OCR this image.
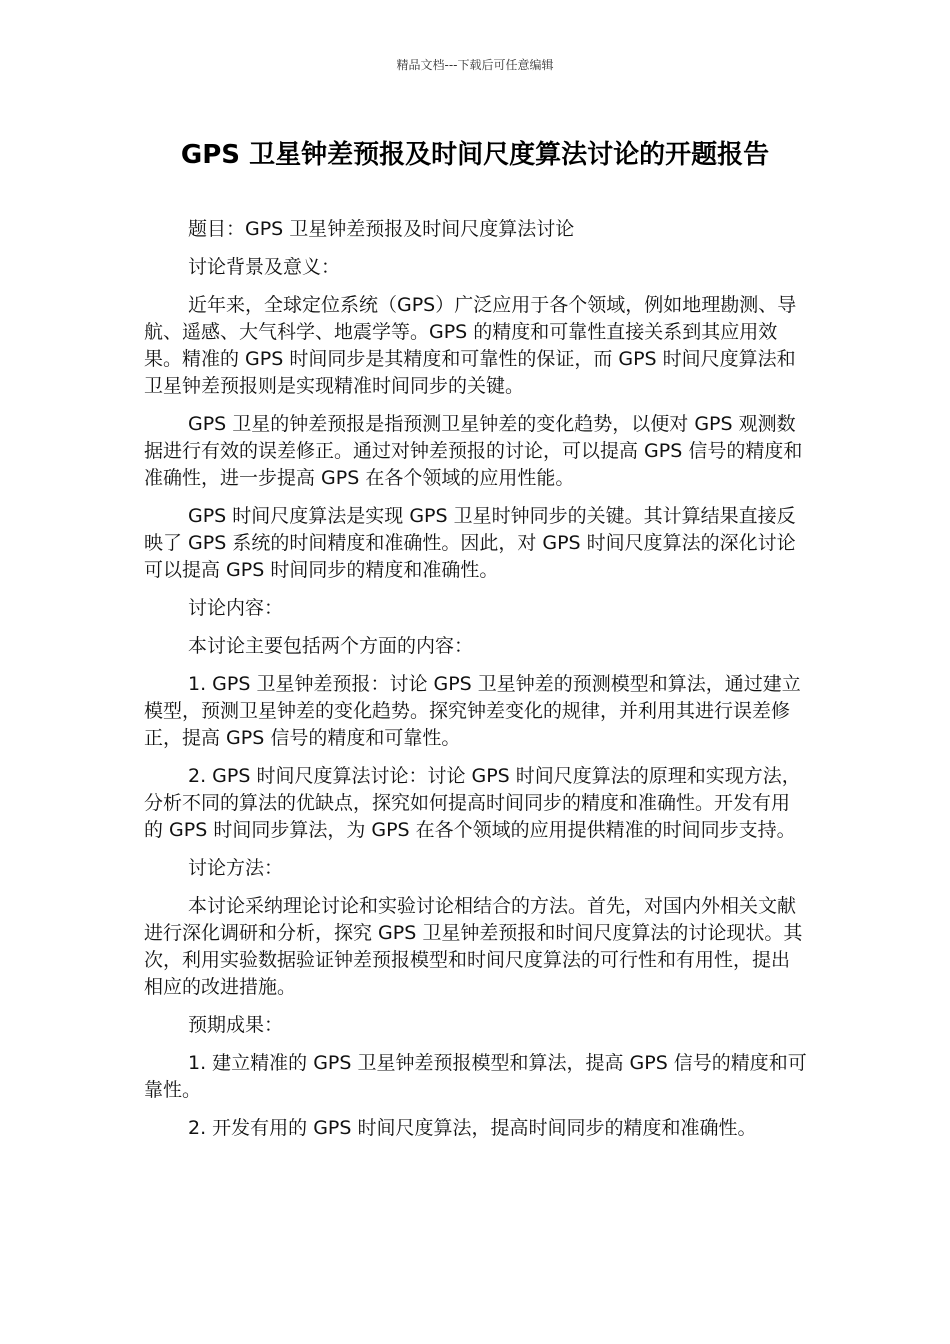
精品文档---下载后可任意编辑
GPS 卫星钟差预报及时间尺度算法讨论的开题报告

题目：GPS 卫星钟差预报及时间尺度算法讨论

讨论背景及意义：

近年来，全球定位系统（GPS）广泛应用于各个领域，例如地理勘测、导航、遥感、大气科学、地震学等。GPS 的精度和可靠性直接关系到其应用效果。精准的 GPS 时间同步是其精度和可靠性的保证，而 GPS 时间尺度算法和卫星钟差预报则是实现精准时间同步的关键。

GPS 卫星的钟差预报是指预测卫星钟差的变化趋势，以便对 GPS 观测数据进行有效的误差修正。通过对钟差预报的讨论，可以提高 GPS 信号的精度和准确性，进一步提高 GPS 在各个领域的应用性能。

GPS 时间尺度算法是实现 GPS 卫星时钟同步的关键。其计算结果直接反映了 GPS 系统的时间精度和准确性。因此，对 GPS 时间尺度算法的深化讨论可以提高 GPS 时间同步的精度和准确性。

讨论内容：

本讨论主要包括两个方面的内容：

1. GPS 卫星钟差预报：讨论 GPS 卫星钟差的预测模型和算法，通过建立模型，预测卫星钟差的变化趋势。探究钟差变化的规律，并利用其进行误差修正，提高 GPS 信号的精度和可靠性。

2. GPS 时间尺度算法讨论：讨论 GPS 时间尺度算法的原理和实现方法，分析不同的算法的优缺点，探究如何提高时间同步的精度和准确性。开发有用的 GPS 时间同步算法，为 GPS 在各个领域的应用提供精准的时间同步支持。

讨论方法：

本讨论采纳理论讨论和实验讨论相结合的方法。首先，对国内外相关文献进行深化调研和分析，探究 GPS 卫星钟差预报和时间尺度算法的讨论现状。其次，利用实验数据验证钟差预报模型和时间尺度算法的可行性和有用性，提出相应的改进措施。

预期成果：

1. 建立精准的 GPS 卫星钟差预报模型和算法，提高 GPS 信号的精度和可靠性。

2. 开发有用的 GPS 时间尺度算法，提高时间同步的精度和准确性。
